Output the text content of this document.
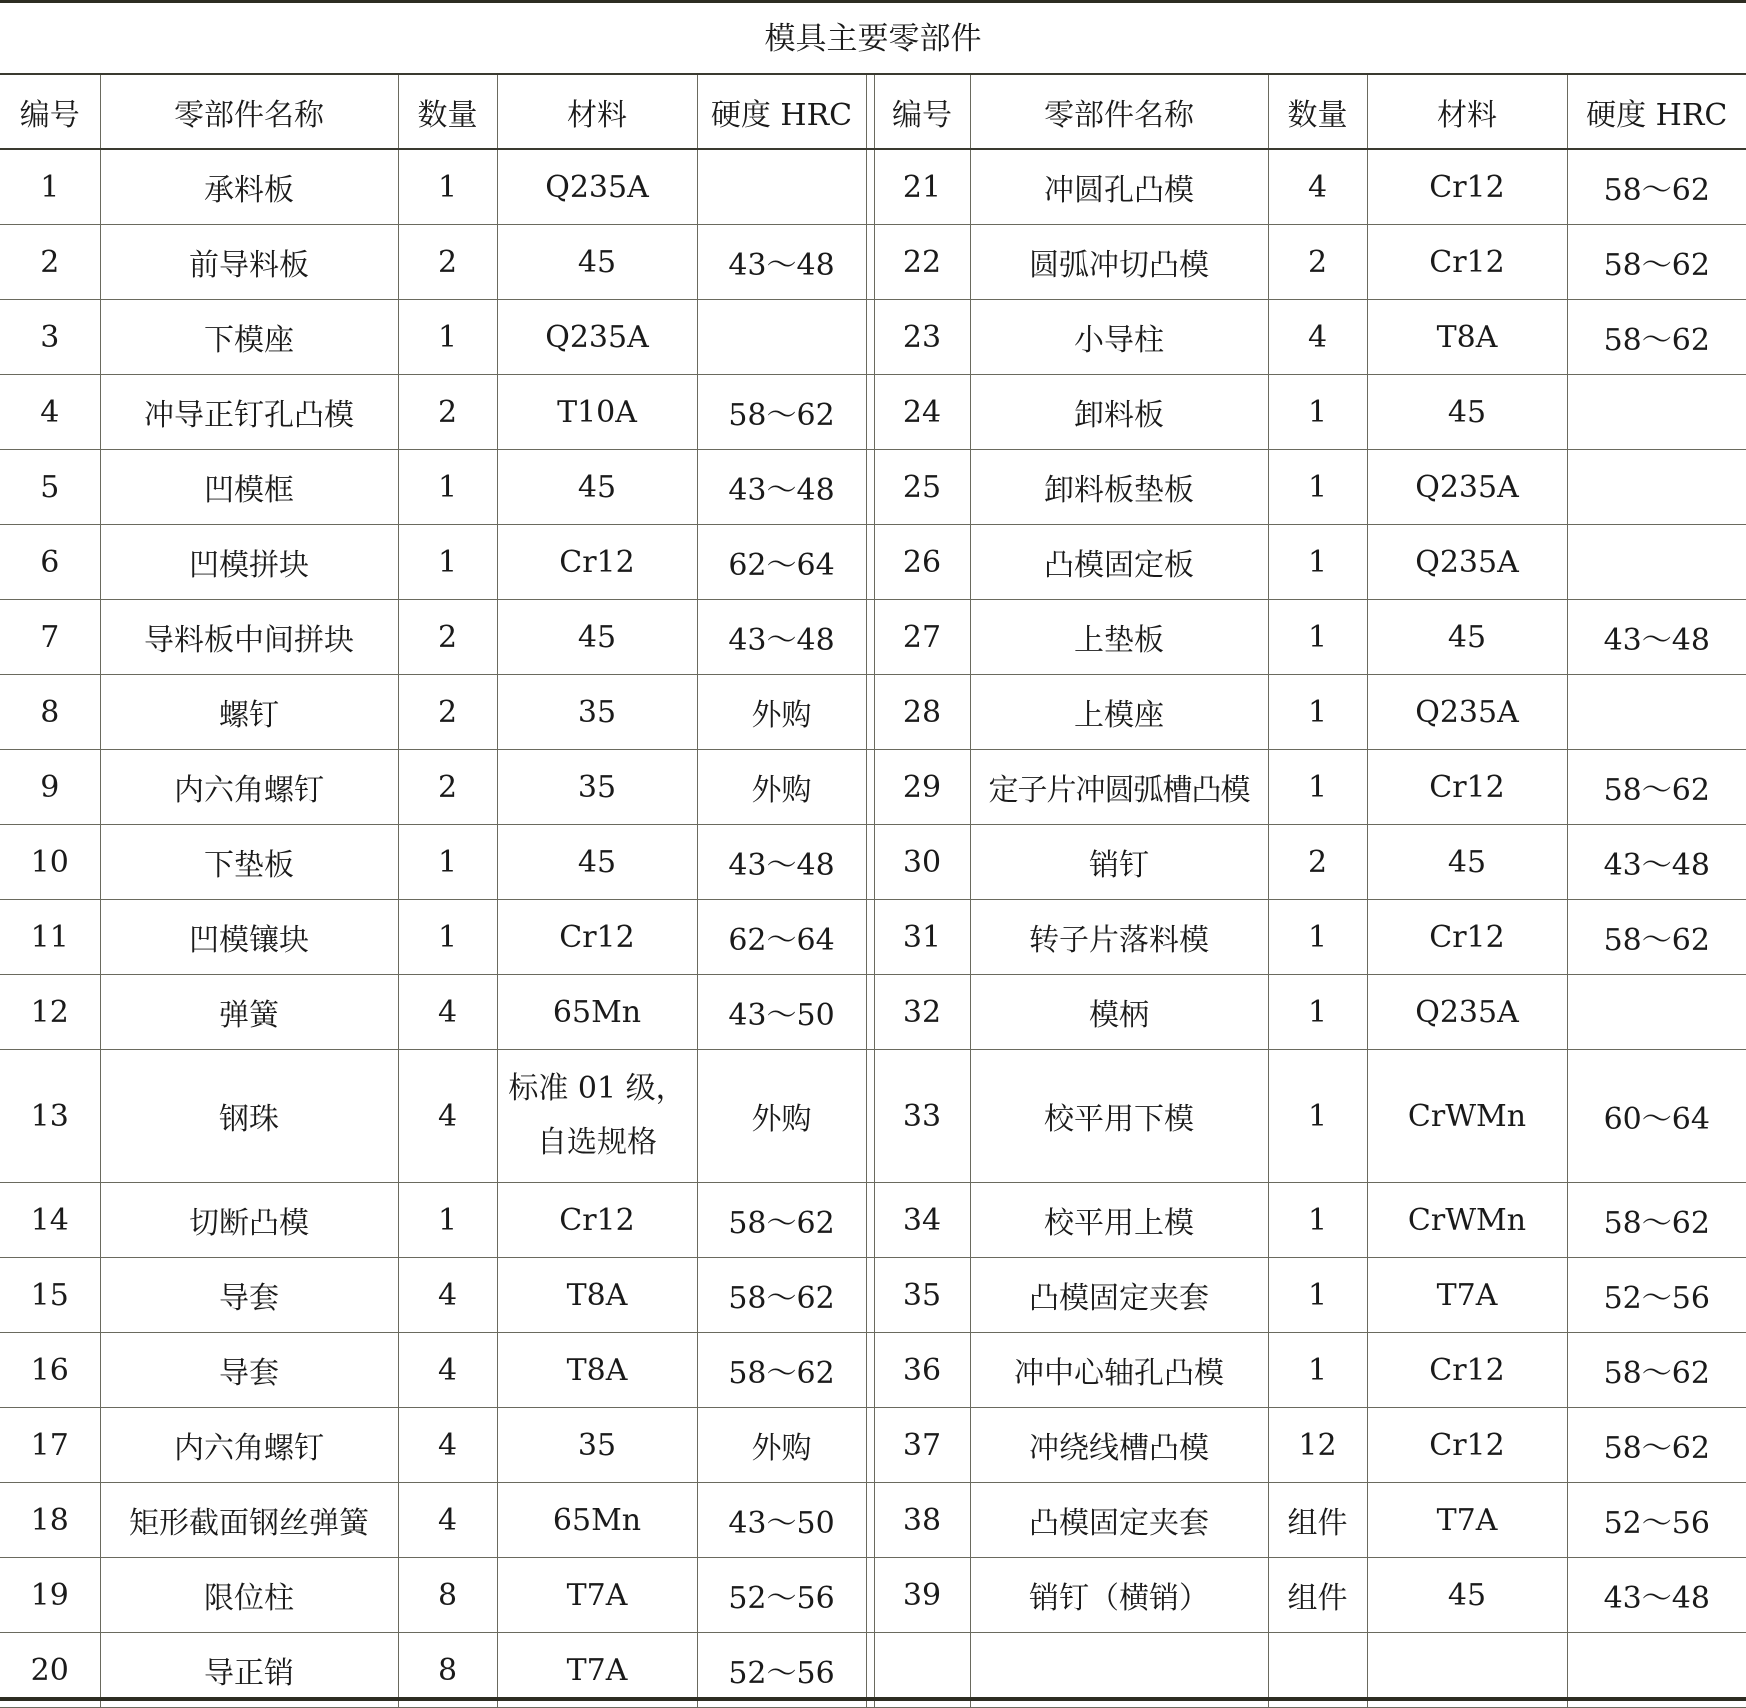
模具主要零部件
编号	零部件名称	数量	材料	硬度 HRC		编号	零部件名称	数量	材料	硬度 HRC
1	承料板	1	Q235A			21	冲圆孔凸模	4	Cr12	58～62
2	前导料板	2	45	43～48		22	圆弧冲切凸模	2	Cr12	58～62
3	下模座	1	Q235A			23	小导柱	4	T8A	58～62
4	冲导正钉孔凸模	2	T10A	58～62		24	卸料板	1	45	
5	凹模框	1	45	43～48		25	卸料板垫板	1	Q235A	
6	凹模拼块	1	Cr12	62～64		26	凸模固定板	1	Q235A	
7	导料板中间拼块	2	45	43～48		27	上垫板	1	45	43～48
8	螺钉	2	35	外购		28	上模座	1	Q235A	
9	内六角螺钉	2	35	外购		29	定子片冲圆弧槽凸模	1	Cr12	58～62
10	下垫板	1	45	43～48		30	销钉	2	45	43～48
11	凹模镶块	1	Cr12	62～64		31	转子片落料模	1	Cr12	58～62
12	弹簧	4	65Mn	43～50		32	模柄	1	Q235A	
13	钢珠	4	标准 01 级，自选规格	外购		33	校平用下模	1	CrWMn	60～64
14	切断凸模	1	Cr12	58～62		34	校平用上模	1	CrWMn	58～62
15	导套	4	T8A	58～62		35	凸模固定夹套	1	T7A	52～56
16	导套	4	T8A	58～62		36	冲中心轴孔凸模	1	Cr12	58～62
17	内六角螺钉	4	35	外购		37	冲绕线槽凸模	12	Cr12	58～62
18	矩形截面钢丝弹簧	4	65Mn	43～50		38	凸模固定夹套	组件	T7A	52～56
19	限位柱	8	T7A	52～56		39	销钉（横销）	组件	45	43～48
20	导正销	8	T7A	52～56						
